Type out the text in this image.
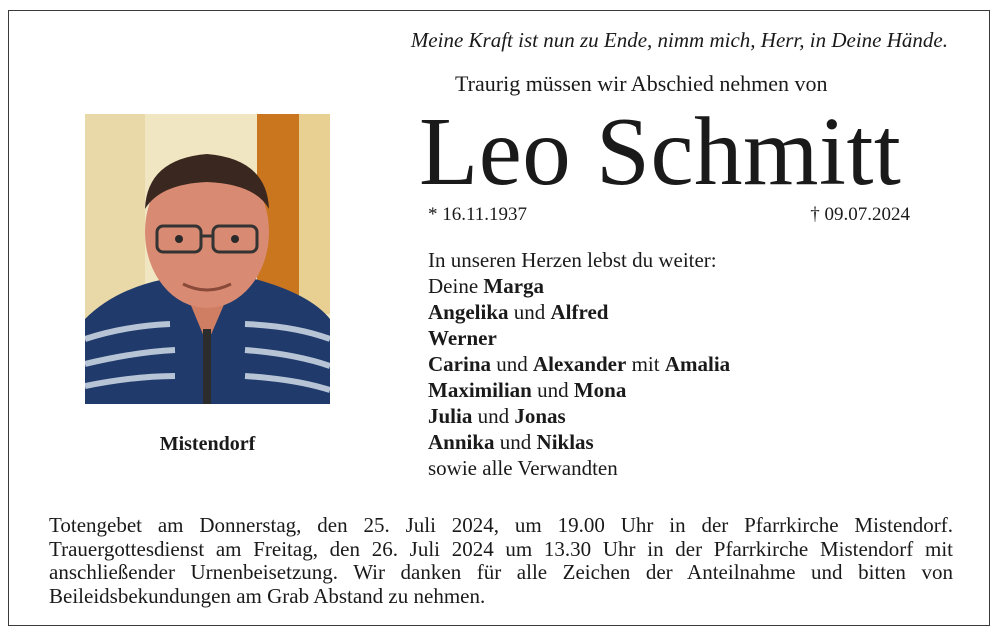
Meine Kraft ist nun zu Ende, nimm mich, Herr, in Deine Hände.
Traurig müssen wir Abschied nehmen von
Leo Schmitt
* 16.11.1937	† 09.07.2024
Mistendorf
In unseren Herzen lebst du weiter:
Deine Marga
Angelika und Alfred
Werner
Carina und Alexander mit Amalia
Maximilian und Mona
Julia und Jonas
Annika und Niklas
sowie alle Verwandten
Totengebet am Donnerstag, den 25. Juli 2024, um 19.00 Uhr in der Pfarrkirche Mistendorf. Trauergottesdienst am Freitag, den 26. Juli 2024 um 13.30 Uhr in der Pfarrkirche Mistendorf mit anschließender Urnenbeisetzung. Wir danken für alle Zeichen der Anteilnahme und bitten von Beileidsbekundungen am Grab Abstand zu nehmen.
